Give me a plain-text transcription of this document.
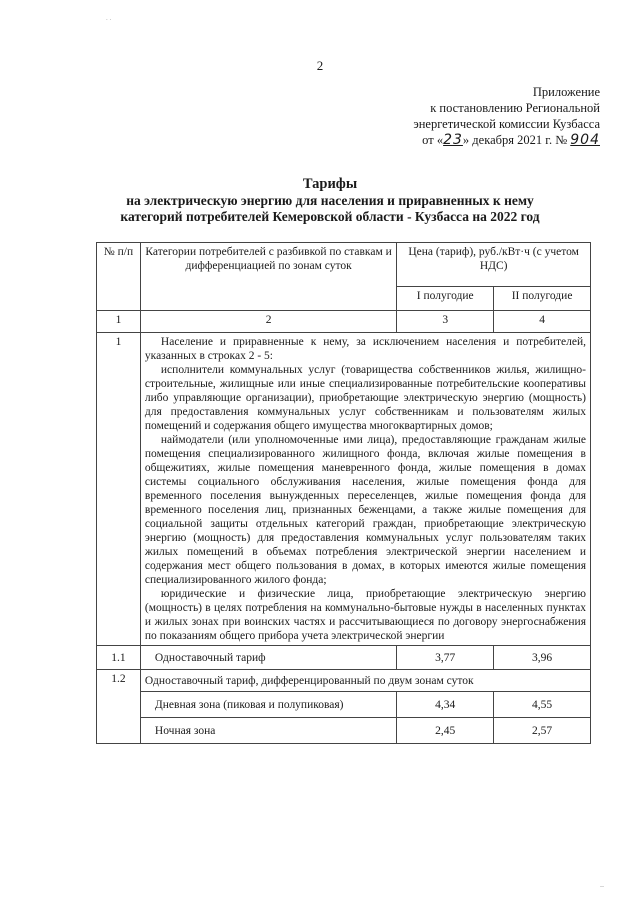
. .
2
Приложение
к постановлению Региональной
энергетической комиссии Кузбасса
от «23» декабря 2021 г. № 904
Тарифы
на электрическую энергию для населения и приравненных к нему
категорий потребителей Кемеровской области - Кузбасса на 2022 год
№ п/п	Категории потребителей с разбивкой по ставкам и дифференциацией по зонам суток	Цена (тариф), руб./кВт·ч (с учетом НДС)	
		I полугодие	II полугодие
1	2	3	4
1	Население и приравненные к нему, за исключением населения и потребителей, указанных в строках 2 - 5:
исполнители коммунальных услуг (товарищества собственников жилья, жилищно-строительные, жилищные или иные специализированные потребительские кооперативы либо управляющие организации), приобретающие электрическую энергию (мощность) для предоставления коммунальных услуг собственникам и пользователям жилых помещений и содержания общего имущества многоквартирных домов;
наймодатели (или уполномоченные ими лица), предоставляющие гражданам жилые помещения специализированного жилищного фонда, включая жилые помещения в общежитиях, жилые помещения маневренного фонда, жилые помещения в домах системы социального обслуживания населения, жилые помещения фонда для временного поселения вынужденных переселенцев, жилые помещения фонда для временного поселения лиц, признанных беженцами, а также жилые помещения для социальной защиты отдельных категорий граждан, приобретающие электрическую энергию (мощность) для предоставления коммунальных услуг пользователям таких жилых помещений в объемах потребления электрической энергии населением и содержания мест общего пользования в домах, в которых имеются жилые помещения специализированного жилого фонда;
юридические и физические лица, приобретающие электрическую энергию (мощность) в целях потребления на коммунально-бытовые нужды в населенных пунктах и жилых зонах при воинских частях и рассчитывающиеся по договору энергоснабжения по показаниям общего прибора учета электрической энергии		

1.1	Одноставочный тариф	3,77	3,96
1.2	Одноставочный тариф, дифференцированный по двум зонам суток		
	Дневная зона (пиковая и полупиковая)	4,34	4,55
	Ночная зона	2,45	2,57
..
